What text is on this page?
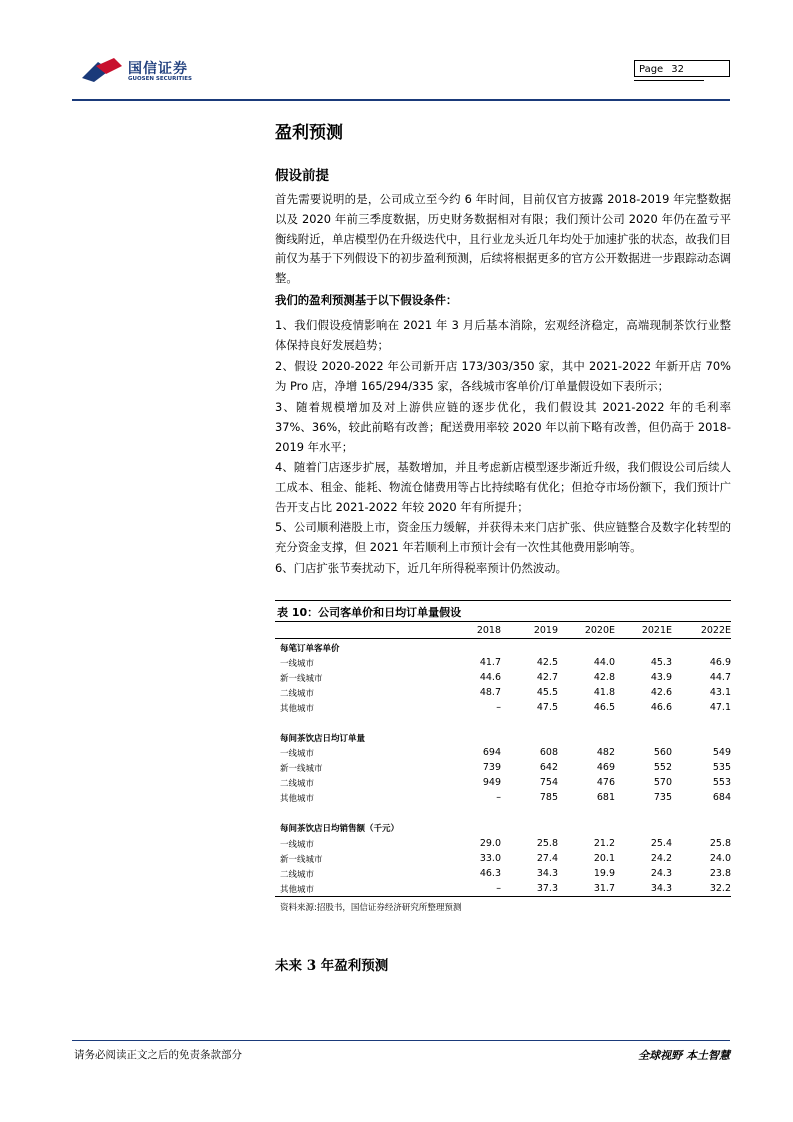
国信证券
GUOSEN SECURITIES
Page 32
盈利预测
假设前提
首先需要说明的是，公司成立至今约 6 年时间，目前仅官方披露 2018-2019 年完整数据以及 2020 年前三季度数据，历史财务数据相对有限；我们预计公司 2020 年仍在盈亏平衡线附近，单店模型仍在升级迭代中，且行业龙头近几年均处于加速扩张的状态，故我们目前仅为基于下列假设下的初步盈利预测，后续将根据更多的官方公开数据进一步跟踪动态调整。
我们的盈利预测基于以下假设条件：
1、我们假设疫情影响在 2021 年 3 月后基本消除，宏观经济稳定，高端现制茶饮行业整体保持良好发展趋势；
2、假设 2020-2022 年公司新开店 173/303/350 家，其中 2021-2022 年新开店 70%为 Pro 店，净增 165/294/335 家，各线城市客单价/订单量假设如下表所示；
3、随着规模增加及对上游供应链的逐步优化，我们假设其 2021-2022 年的毛利率 37%、36%，较此前略有改善；配送费用率较 2020 年以前下略有改善，但仍高于 2018-2019 年水平；
4、随着门店逐步扩展，基数增加，并且考虑新店模型逐步渐近升级，我们假设公司后续人工成本、租金、能耗、物流仓储费用等占比持续略有优化；但抢夺市场份额下，我们预计广告开支占比 2021-2022 年较 2020 年有所提升；
5、公司顺利港股上市，资金压力缓解，并获得未来门店扩张、供应链整合及数字化转型的充分资金支撑，但 2021 年若顺利上市预计会有一次性其他费用影响等。
6、门店扩张节奏扰动下，近几年所得税率预计仍然波动。
表 10：公司客单价和日均订单量假设
2018	2019	2020E	2021E	2022E
每笔订单客单价
一线城市	41.7	42.5	44.0	45.3	46.9
新一线城市	44.6	42.7	42.8	43.9	44.7
二线城市	48.7	45.5	41.8	42.6	43.1
其他城市	–	47.5	46.5	46.6	47.1
每间茶饮店日均订单量
一线城市	694	608	482	560	549
新一线城市	739	642	469	552	535
二线城市	949	754	476	570	553
其他城市	–	785	681	735	684
每间茶饮店日均销售额（千元）
一线城市	29.0	25.8	21.2	25.4	25.8
新一线城市	33.0	27.4	20.1	24.2	24.0
二线城市	46.3	34.3	19.9	24.3	23.8
其他城市	–	37.3	31.7	34.3	32.2
资料来源:招股书，国信证券经济研究所整理预测
未来 3 年盈利预测
请务必阅读正文之后的免责条款部分	全球视野 本土智慧
